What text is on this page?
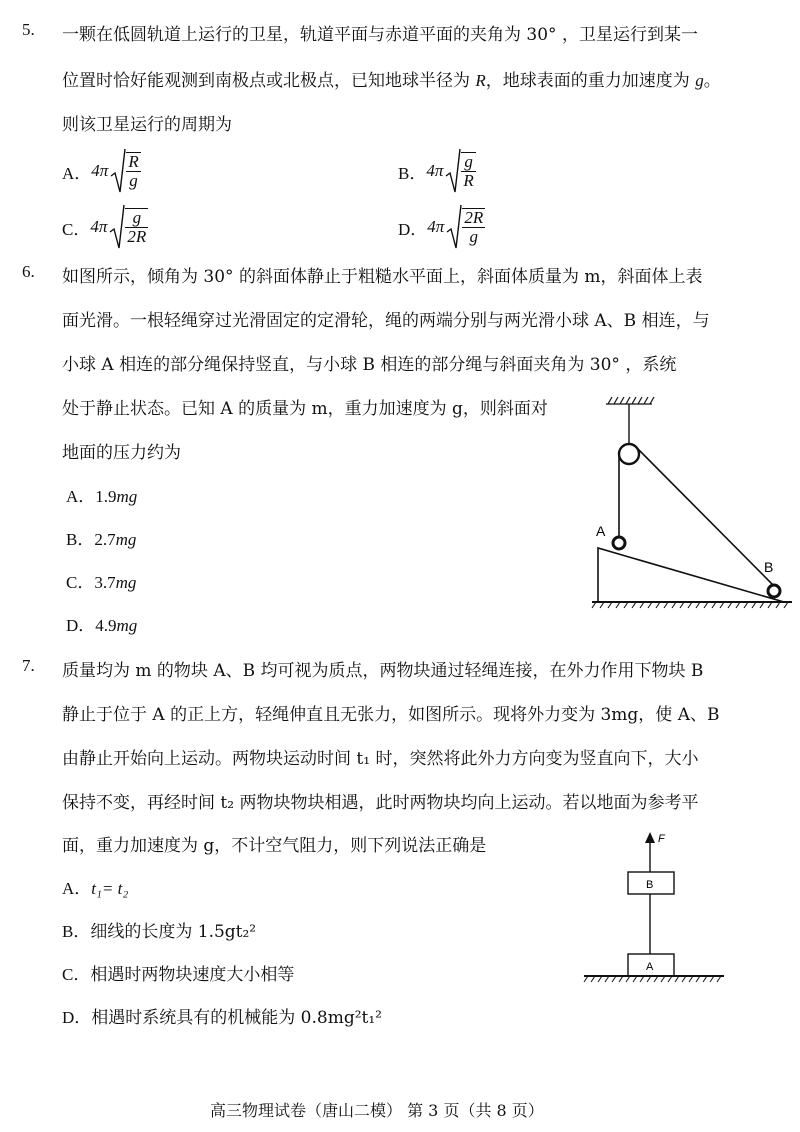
5. 一颗在低圆轨道上运行的卫星，轨道平面与赤道平面的夹角为 30° ，卫星运行到某一
位置时恰好能观测到南极点或北极点，已知地球半径为 R，地球表面的重力加速度为 g。
则该卫星运行的周期为
A． $4\pi \frac{R}{g}$	B． $4\pi \frac{g}{R}$
C． $4\pi \frac{g}{2R}$	D． $4\pi \frac{2R}{g}$
6. 如图所示，倾角为 30° 的斜面体静止于粗糙水平面上，斜面体质量为 m，斜面体上表
面光滑。一根轻绳穿过光滑固定的定滑轮，绳的两端分别与两光滑小球 A、B 相连，与
小球 A 相连的部分绳保持竖直，与小球 B 相连的部分绳与斜面夹角为 30° ，系统
处于静止状态。已知 A 的质量为 m，重力加速度为 g，则斜面对
地面的压力约为
A．1.9mg
B．2.7mg
C．3.7mg
D．4.9mg
A
B
7. 质量均为 m 的物块 A、B 均可视为质点，两物块通过轻绳连接，在外力作用下物块 B
静止于位于 A 的正上方，轻绳伸直且无张力，如图所示。现将外力变为 3mg，使 A、B
由静止开始向上运动。两物块运动时间 t₁ 时，突然将此外力方向变为竖直向下，大小
保持不变，再经时间 t₂ 两物块物块相遇，此时两物块均向上运动。若以地面为参考平
面，重力加速度为 g，不计空气阻力，则下列说法正确是
A．t₁= t₂
B．细线的长度为 1.5gt₂²
C．相遇时两物块速度大小相等
D．相遇时系统具有的机械能为 0.8mg²t₁²
F
B
A
高三物理试卷（唐山二模） 第 3 页（共 8 页）
